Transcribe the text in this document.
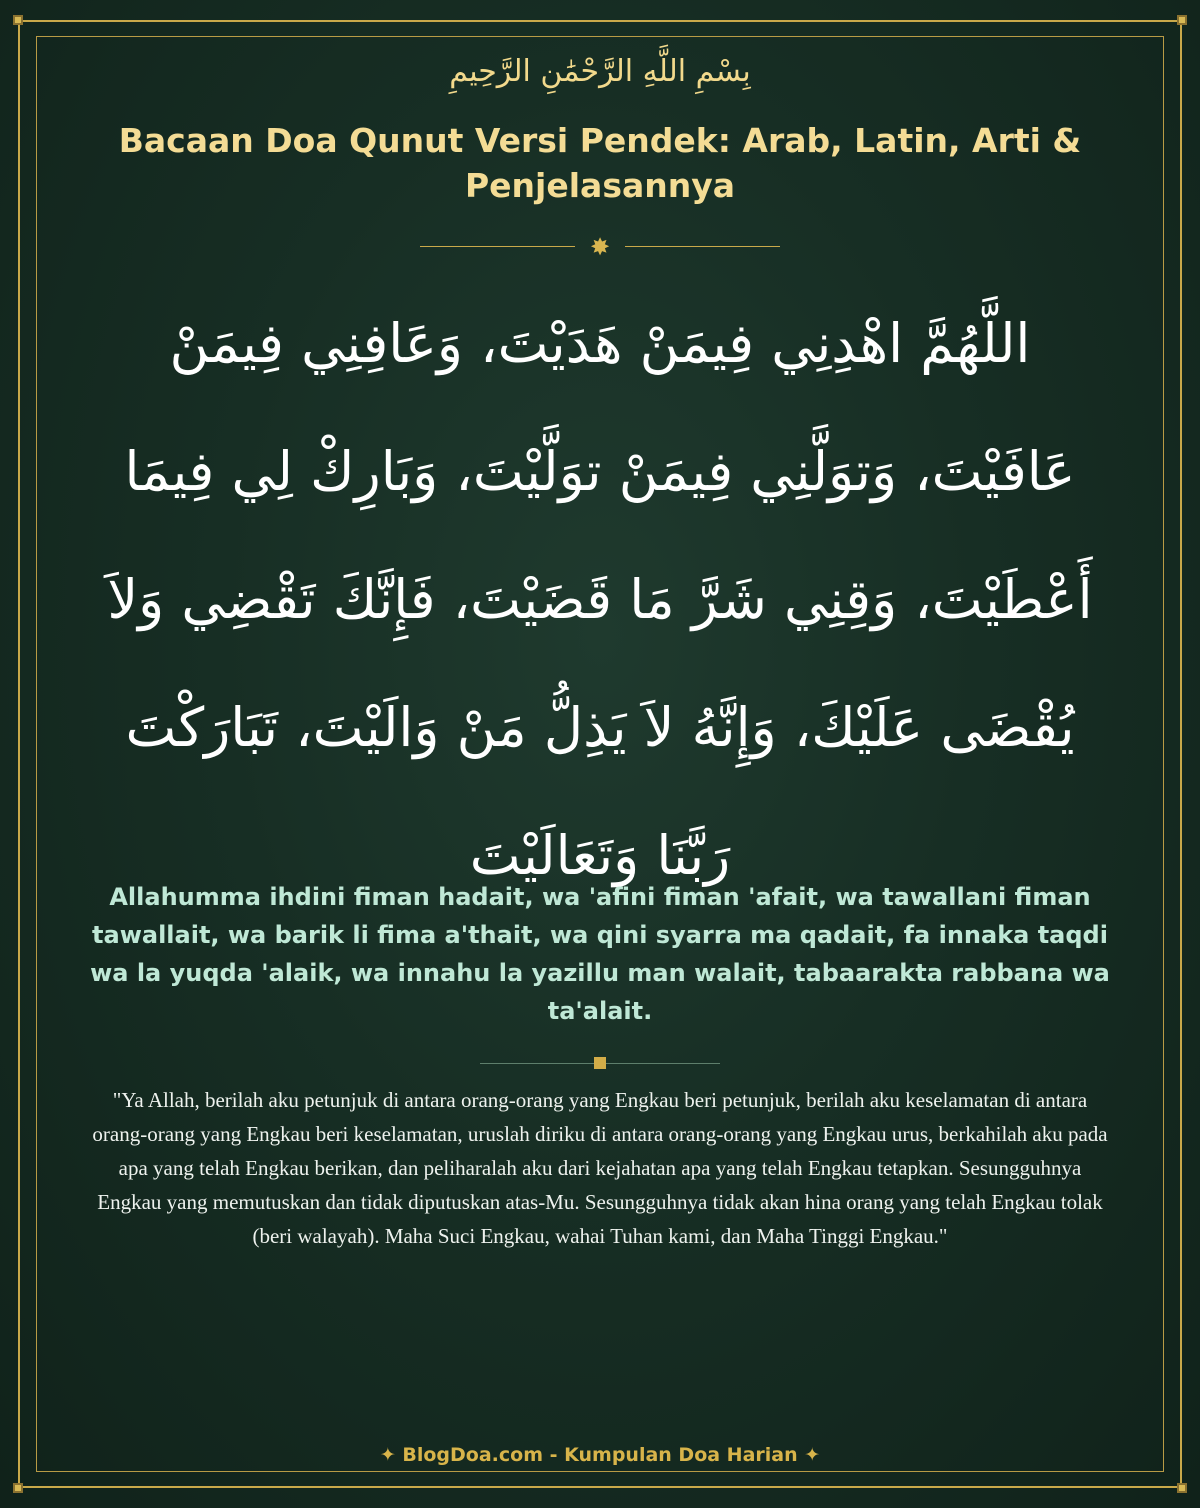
بِسْمِ اللَّهِ الرَّحْمَٰنِ الرَّحِيمِ
Bacaan Doa Qunut Versi Pendek: Arab, Latin, Arti & Penjelasannya
✸

اللَّهُمَّ اهْدِنِي فِيمَنْ هَدَيْتَ، وَعَافِنِي فِيمَنْ عَافَيْتَ، وَتوَلَّنِي فِيمَنْ توَلَّيْتَ، وَبَارِكْ لِي فِيمَا أَعْطَيْتَ، وَقِنِي شَرَّ مَا قَضَيْتَ، فَإِنَّكَ تَقْضِي وَلاَ يُقْضَى عَلَيْكَ، وَإِنَّهُ لاَ يَذِلُّ مَنْ وَالَيْتَ، تَبَارَكْتَ رَبَّنَا وَتَعَالَيْتَ

Allahumma ihdini fiman hadait, wa 'afini fiman 'afait, wa tawallani fiman tawallait, wa barik li fima a'thait, wa qini syarra ma qadait, fa innaka taqdi wa la yuqda 'alaik, wa innahu la yazillu man walait, tabaarakta rabbana wa ta'alait.

"Ya Allah, berilah aku petunjuk di antara orang-orang yang Engkau beri petunjuk, berilah aku keselamatan di antara orang-orang yang Engkau beri keselamatan, uruslah diriku di antara orang-orang yang Engkau urus, berkahilah aku pada apa yang telah Engkau berikan, dan peliharalah aku dari kejahatan apa yang telah Engkau tetapkan. Sesungguhnya Engkau yang memutuskan dan tidak diputuskan atas-Mu. Sesungguhnya tidak akan hina orang yang telah Engkau tolak (beri walayah). Maha Suci Engkau, wahai Tuhan kami, dan Maha Tinggi Engkau."

✦ BlogDoa.com - Kumpulan Doa Harian ✦
